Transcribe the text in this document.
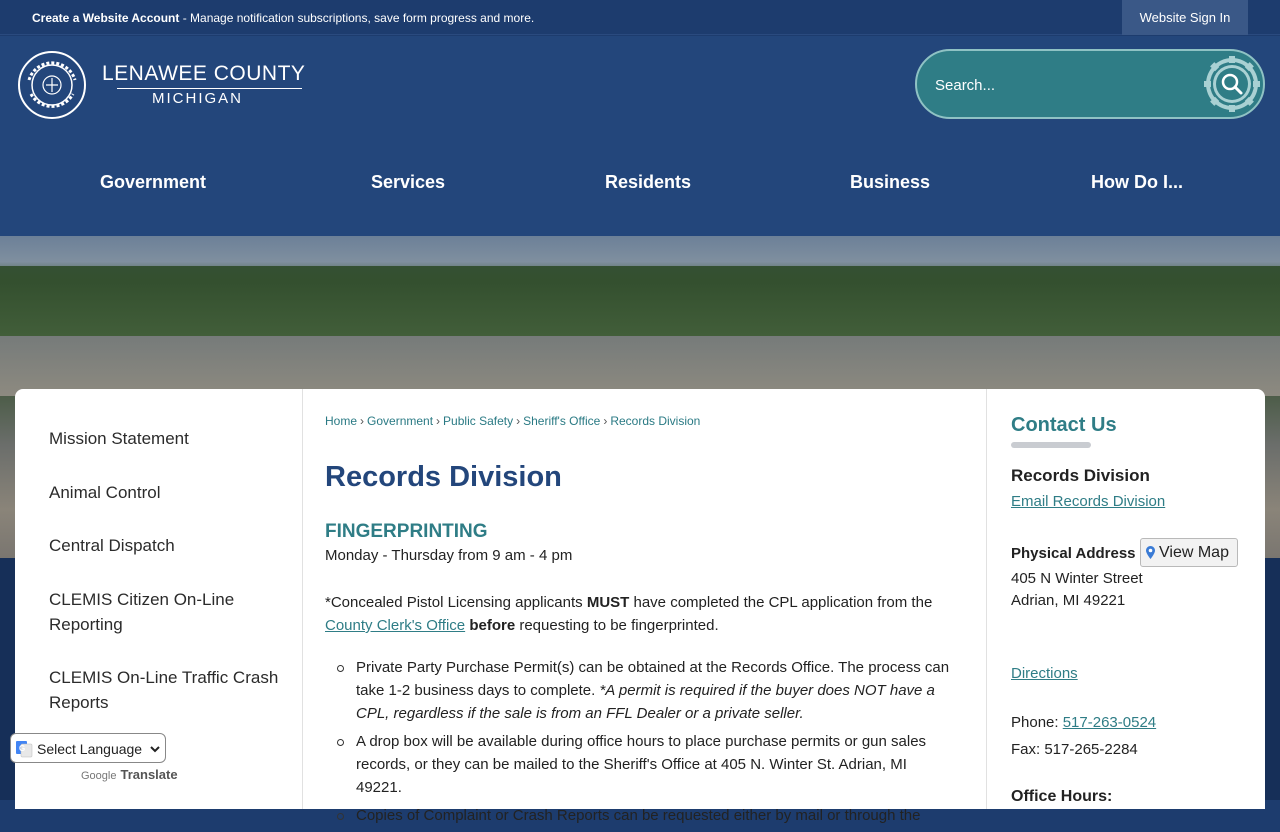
Create a Website Account - Manage notification subscriptions, save form progress and more.	Website Sign In
LENAWEE COUNTY
MICHIGAN
Search...
Government	Services	Residents	Business	How Do I...
Mission Statement
Animal Control
Central Dispatch
CLEMIS Citizen On-Line Reporting
CLEMIS On-Line Traffic Crash Reports
Home › Government › Public Safety › Sheriff's Office › Records Division
Records Division
FINGERPRINTING
Monday - Thursday from 9 am - 4 pm

*Concealed Pistol Licensing applicants MUST have completed the CPL application from the County Clerk's Office before requesting to be fingerprinted.

Private Party Purchase Permit(s) can be obtained at the Records Office. The process can take 1-2 business days to complete. *A permit is required if the buyer does NOT have a CPL, regardless if the sale is from an FFL Dealer or a private seller.
A drop box will be available during office hours to place purchase permits or gun sales records, or they can be mailed to the Sheriff's Office at 405 N. Winter St. Adrian, MI 49221.
Copies of Complaint or Crash Reports can be requested either by mail or through the
Contact Us
Records Division
Email Records Division
Physical Address	View Map
405 N Winter Street
Adrian, MI 49221
Directions
Phone: 517-263-0524
Fax: 517-265-2284
Office Hours:
G
Select Language
Google Translate
